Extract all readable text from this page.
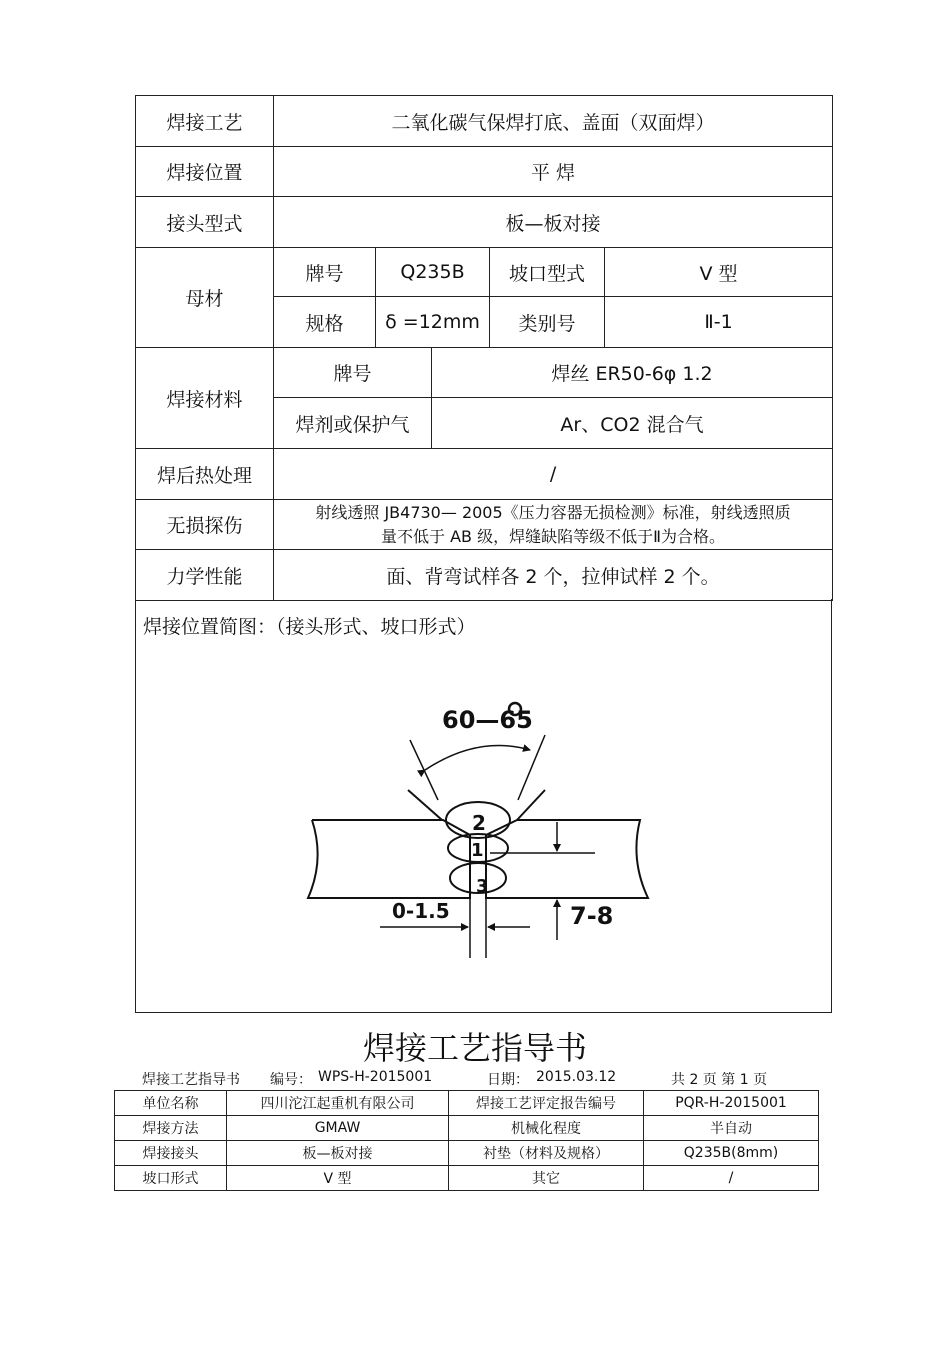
焊接工艺	二氧化碳气保焊打底、盖面（双面焊）				
焊接位置	平 焊				
接头型式	板—板对接				
母材	牌号	Q235B		坡口型式	V 型
	规格	δ =12mm		类别号	Ⅱ-1
焊接材料	牌号		焊丝 ER50-6φ 1.2		
	焊剂或保护气		Ar、CO2 混合气		
焊后热处理	/				
无损探伤	射线透照 JB4730— 2005《压力容器无损检测》标准，射线透照质
量不低于 AB 级，焊缝缺陷等级不低于Ⅱ为合格。				

力学性能	面、背弯试样各 2 个，拉伸试样 2 个。				
焊接位置简图：（接头形式、坡口形式）
60—65
2
1
3
0-1.5	7-8
焊接工艺指导书
焊接工艺指导书 编号： WPS-H-2015001	日期： 2015.03.12	共 2 页 第 1 页
单位名称	四川沱江起重机有限公司	焊接工艺评定报告编号	PQR-H-2015001
焊接方法	GMAW	机械化程度	半自动
焊接接头	板—板对接	衬垫（材料及规格）	Q235B(8mm)
坡口形式	V 型	其它	/
